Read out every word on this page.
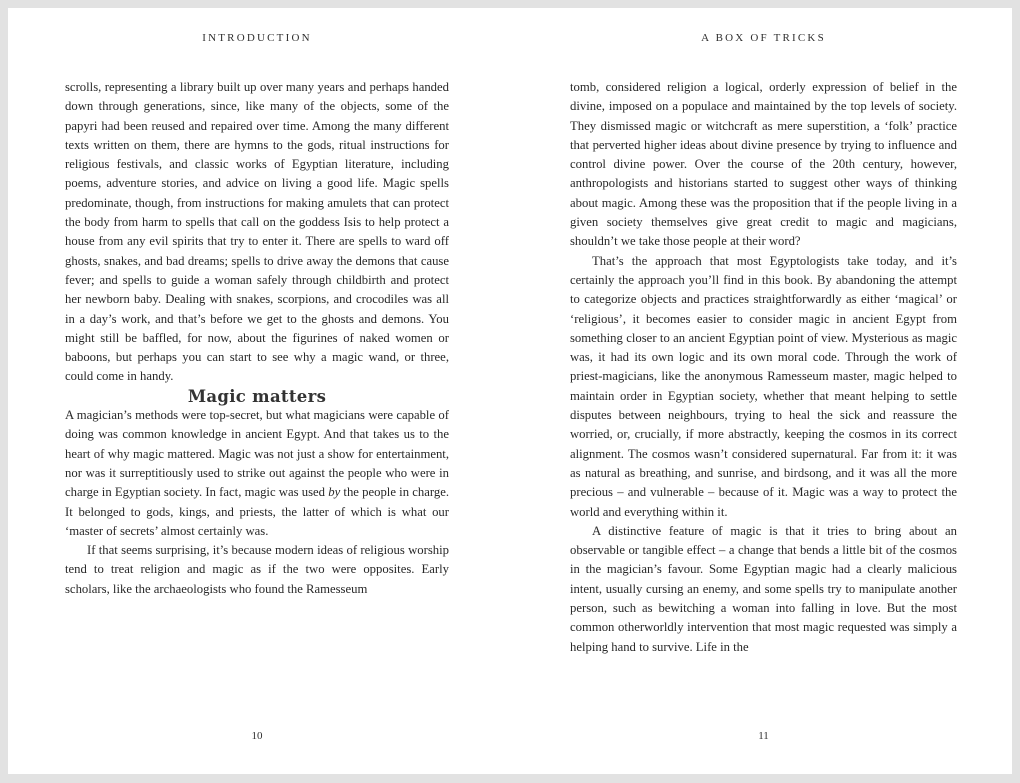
INTRODUCTION

scrolls, representing a library built up over many years and perhaps handed down through generations, since, like many of the objects, some of the papyri had been reused and repaired over time. Among the many different texts written on them, there are hymns to the gods, ritual instructions for religious festivals, and classic works of Egyptian literature, including poems, adventure stories, and advice on living a good life. Magic spells predominate, though, from instructions for making amulets that can protect the body from harm to spells that call on the goddess Isis to help protect a house from any evil spirits that try to enter it. There are spells to ward off ghosts, snakes, and bad dreams; spells to drive away the demons that cause fever; and spells to guide a woman safely through childbirth and protect her newborn baby. Dealing with snakes, scorpions, and crocodiles was all in a day’s work, and that’s before we get to the ghosts and demons. You might still be baffled, for now, about the figurines of naked women or baboons, but perhaps you can start to see why a magic wand, or three, could come in handy.

Magic matters

A magician’s methods were top-secret, but what magicians were capable of doing was common knowledge in ancient Egypt. And that takes us to the heart of why magic mattered. Magic was not just a show for entertainment, nor was it surreptitiously used to strike out against the people who were in charge in Egyptian society. In fact, magic was used by the people in charge. It belonged to gods, kings, and priests, the latter of which is what our ‘master of secrets’ almost certainly was.

If that seems surprising, it’s because modern ideas of religious worship tend to treat religion and magic as if the two were opposites. Early scholars, like the archaeologists who found the Ramesseum

10
A BOX OF TRICKS

tomb, considered religion a logical, orderly expression of belief in the divine, imposed on a populace and maintained by the top levels of society. They dismissed magic or witchcraft as mere superstition, a ‘folk’ practice that perverted higher ideas about divine presence by trying to influence and control divine power. Over the course of the 20th century, however, anthropologists and historians started to suggest other ways of thinking about magic. Among these was the proposition that if the people living in a given society themselves give great credit to magic and magicians, shouldn’t we take those people at their word?

That’s the approach that most Egyptologists take today, and it’s certainly the approach you’ll find in this book. By abandoning the attempt to categorize objects and practices straightforwardly as either ‘magical’ or ‘religious’, it becomes easier to consider magic in ancient Egypt from something closer to an ancient Egyptian point of view. Mysterious as magic was, it had its own logic and its own moral code. Through the work of priest-magicians, like the anonymous Ramesseum master, magic helped to maintain order in Egyptian society, whether that meant helping to settle disputes between neighbours, trying to heal the sick and reassure the worried, or, crucially, if more abstractly, keeping the cosmos in its correct alignment. The cosmos wasn’t considered supernatural. Far from it: it was as natural as breathing, and sunrise, and birdsong, and it was all the more precious – and vulnerable – because of it. Magic was a way to protect the world and everything within it.

A distinctive feature of magic is that it tries to bring about an observable or tangible effect – a change that bends a little bit of the cosmos in the magician’s favour. Some Egyptian magic had a clearly malicious intent, usually cursing an enemy, and some spells try to manipulate another person, such as bewitching a woman into falling in love. But the most common otherworldly intervention that most magic requested was simply a helping hand to survive. Life in the

11
